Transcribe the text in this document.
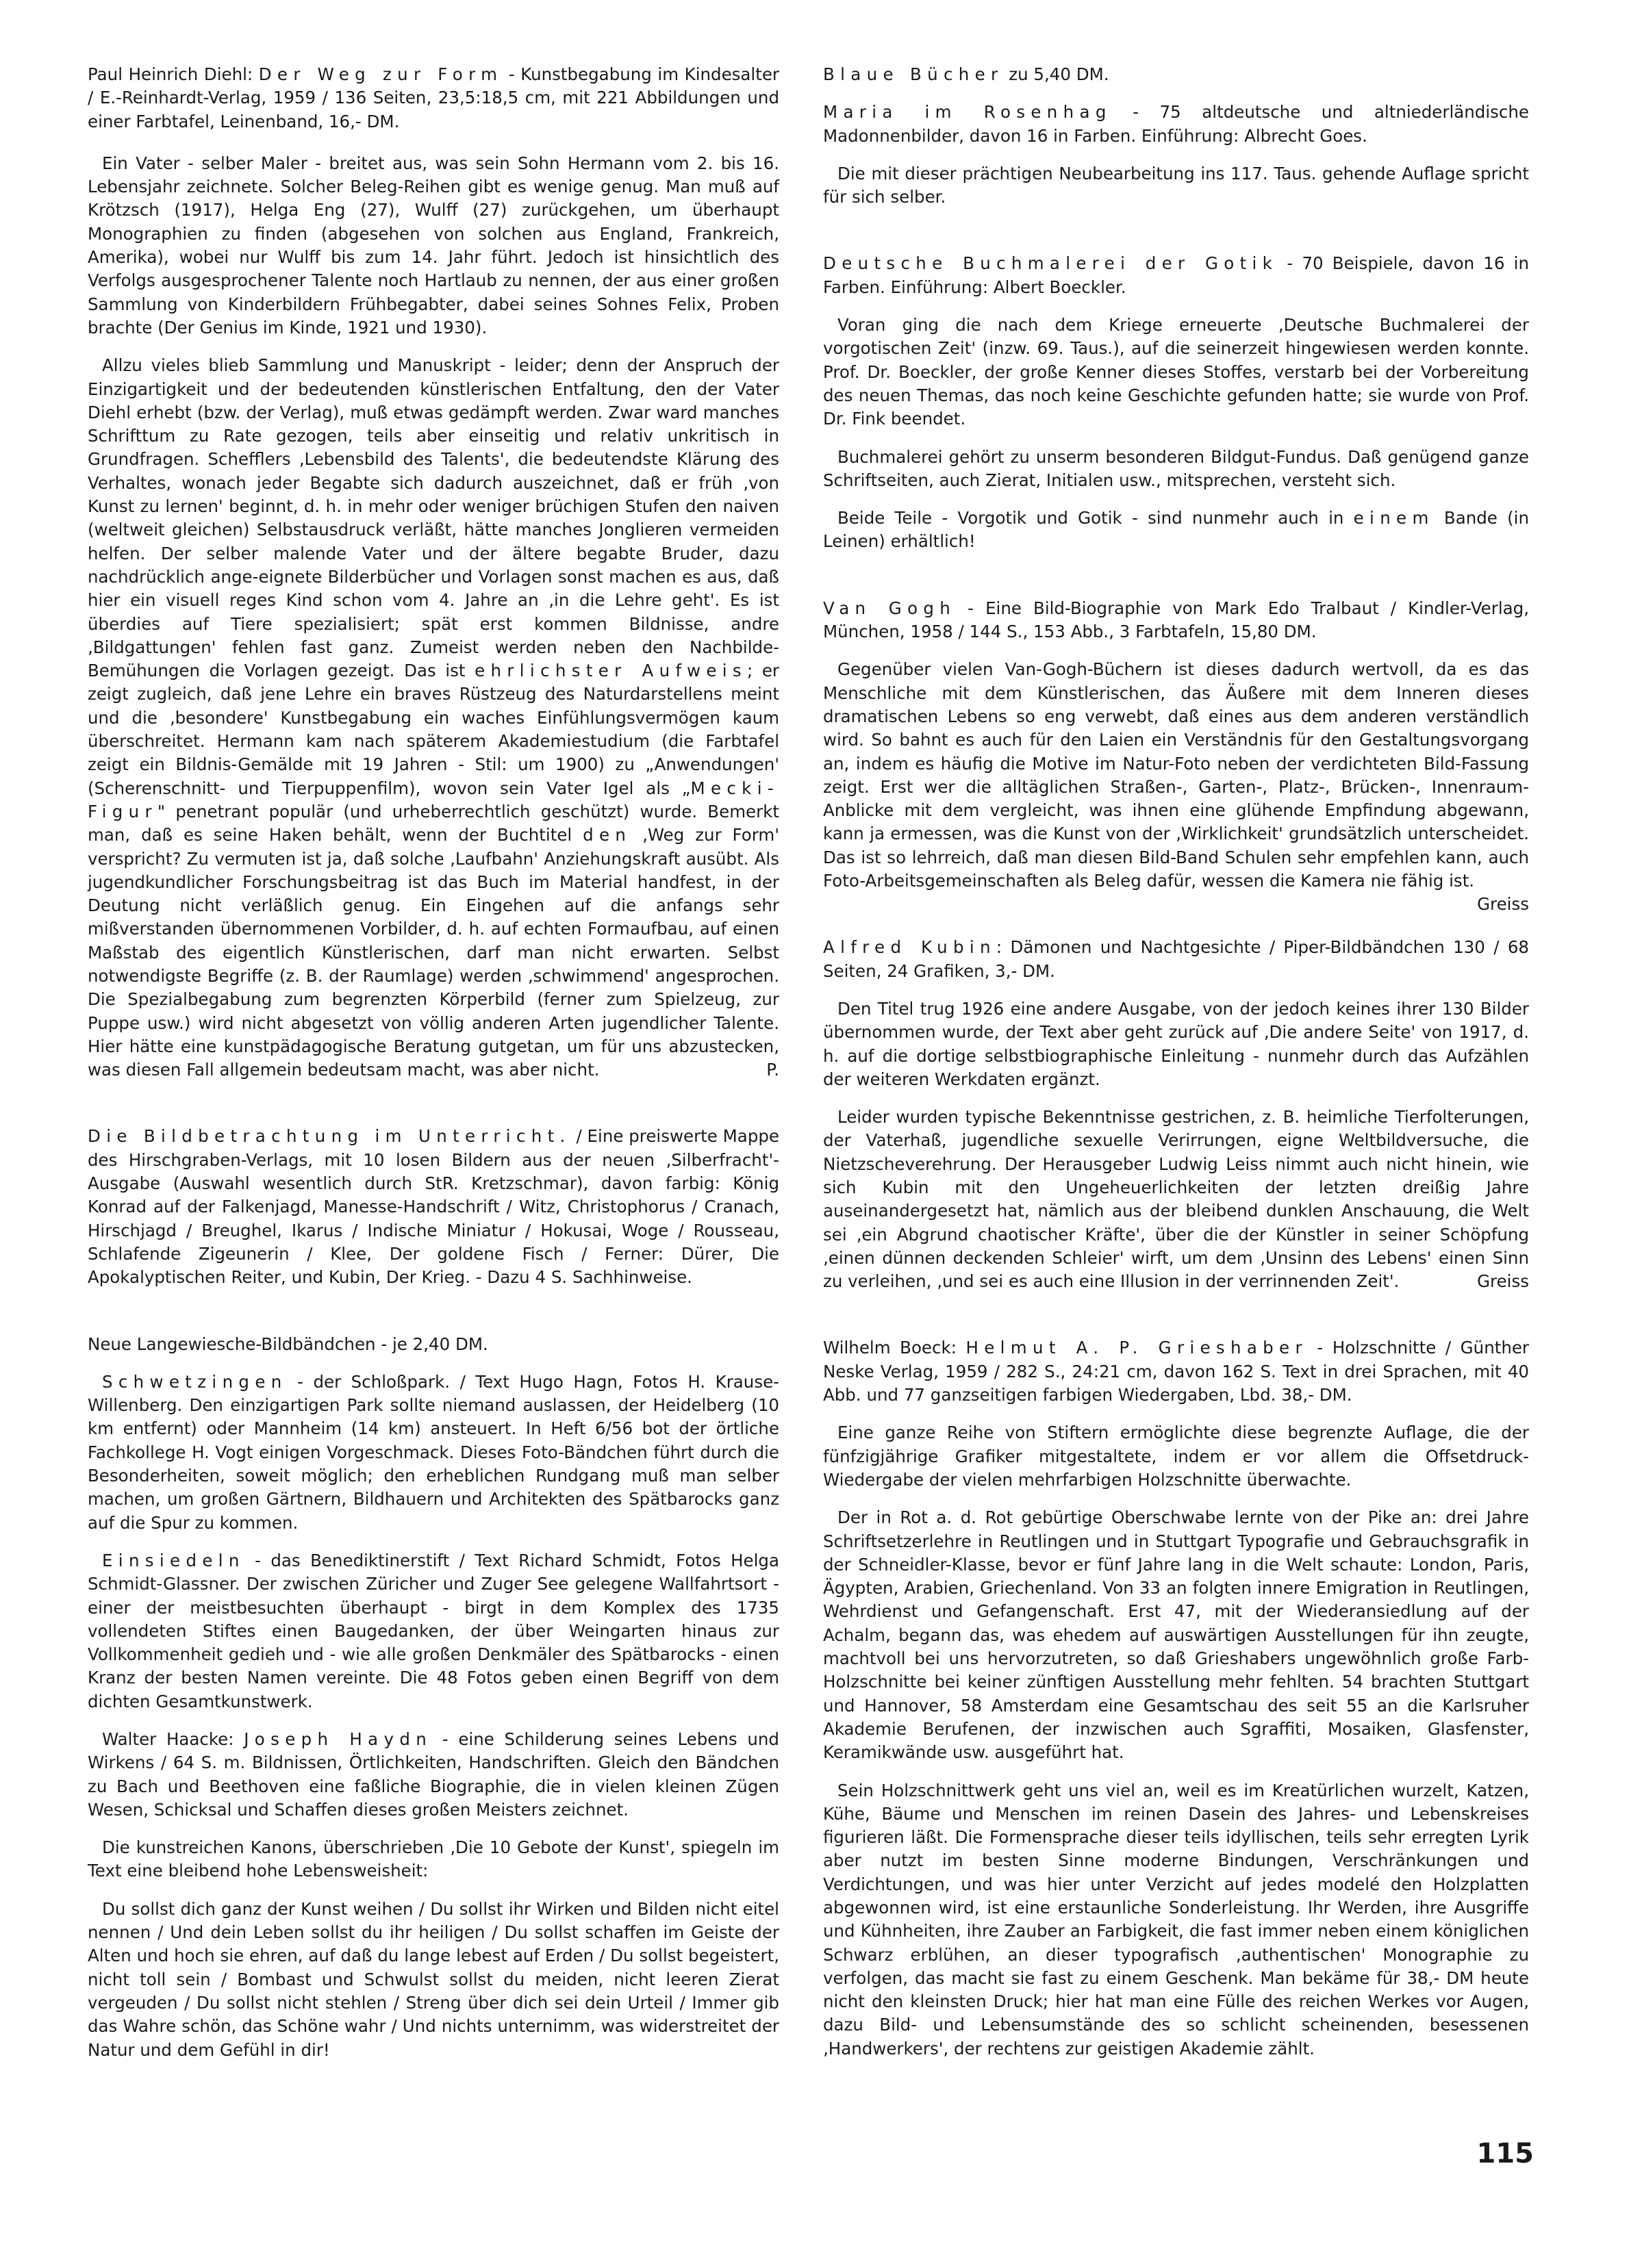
Paul Heinrich Diehl: Der Weg zur Form - Kunstbegabung im Kindesalter / E.-Reinhardt-Verlag, 1959 / 136 Seiten, 23,5:18,5 cm, mit 221 Abbildungen und einer Farbtafel, Leinenband, 16,- DM.

Ein Vater - selber Maler - breitet aus, was sein Sohn Hermann vom 2. bis 16. Lebensjahr zeichnete. Solcher Beleg-Reihen gibt es wenige genug. Man muß auf Krötzsch (1917), Helga Eng (27), Wulff (27) zurückgehen, um überhaupt Monographien zu finden (abgesehen von solchen aus England, Frankreich, Amerika), wobei nur Wulff bis zum 14. Jahr führt. Jedoch ist hinsichtlich des Verfolgs ausgesprochener Talente noch Hartlaub zu nennen, der aus einer großen Sammlung von Kinderbildern Frühbegabter, dabei seines Sohnes Felix, Proben brachte (Der Genius im Kinde, 1921 und 1930).

Allzu vieles blieb Sammlung und Manuskript - leider; denn der Anspruch der Einzigartigkeit und der bedeutenden künstlerischen Entfaltung, den der Vater Diehl erhebt (bzw. der Verlag), muß etwas gedämpft werden. Zwar ward manches Schrifttum zu Rate gezogen, teils aber einseitig und relativ unkritisch in Grundfragen. Schefflers ‚Lebensbild des Talents', die bedeutendste Klärung des Verhaltes, wonach jeder Begabte sich dadurch auszeichnet, daß er früh ‚von Kunst zu lernen' beginnt, d. h. in mehr oder weniger brüchigen Stufen den naiven (weltweit gleichen) Selbstausdruck verläßt, hätte manches Jonglieren vermeiden helfen. Der selber malende Vater und der ältere begabte Bruder, dazu nachdrücklich ange-eignete Bilderbücher und Vorlagen sonst machen es aus, daß hier ein visuell reges Kind schon vom 4. Jahre an ‚in die Lehre geht'. Es ist überdies auf Tiere spezialisiert; spät erst kommen Bildnisse, andre ‚Bildgattungen' fehlen fast ganz. Zumeist werden neben den Nachbilde-Bemühungen die Vorlagen gezeigt. Das ist ehrlichster Aufweis; er zeigt zugleich, daß jene Lehre ein braves Rüstzeug des Naturdarstellens meint und die ‚besondere' Kunstbegabung ein waches Einfühlungsvermögen kaum überschreitet. Hermann kam nach späterem Akademiestudium (die Farbtafel zeigt ein Bildnis-Gemälde mit 19 Jahren - Stil: um 1900) zu „Anwendungen' (Scherenschnitt- und Tierpuppenfilm), wovon sein Vater Igel als „Mecki-Figur" penetrant populär (und urheberrechtlich geschützt) wurde. Bemerkt man, daß es seine Haken behält, wenn der Buchtitel den ‚Weg zur Form' verspricht? Zu vermuten ist ja, daß solche ‚Laufbahn' Anziehungskraft ausübt. Als jugendkundlicher Forschungsbeitrag ist das Buch im Material handfest, in der Deutung nicht verläßlich genug. Ein Eingehen auf die anfangs sehr mißverstanden übernommenen Vorbilder, d. h. auf echten Formaufbau, auf einen Maßstab des eigentlich Künstlerischen, darf man nicht erwarten. Selbst notwendigste Begriffe (z. B. der Raumlage) werden ‚schwimmend' angesprochen. Die Spezialbegabung zum begrenzten Körperbild (ferner zum Spielzeug, zur Puppe usw.) wird nicht abgesetzt von völlig anderen Arten jugendlicher Talente. Hier hätte eine kunstpädagogische Beratung gutgetan, um für uns abzustecken, was diesen Fall allgemein bedeutsam macht, was aber nicht.	P.

Die Bildbetrachtung im Unterricht. / Eine preiswerte Mappe des Hirschgraben-Verlags, mit 10 losen Bildern aus der neuen ‚Silberfracht'-Ausgabe (Auswahl wesentlich durch StR. Kretzschmar), davon farbig: König Konrad auf der Falkenjagd, Manesse-Handschrift / Witz, Christophorus / Cranach, Hirschjagd / Breughel, Ikarus / Indische Miniatur / Hokusai, Woge / Rousseau, Schlafende Zigeunerin / Klee, Der goldene Fisch / Ferner: Dürer, Die Apokalyptischen Reiter, und Kubin, Der Krieg. - Dazu 4 S. Sachhinweise.

Neue Langewiesche-Bildbändchen - je 2,40 DM.

Schwetzingen - der Schloßpark. / Text Hugo Hagn, Fotos H. Krause-Willenberg. Den einzigartigen Park sollte niemand auslassen, der Heidelberg (10 km entfernt) oder Mannheim (14 km) ansteuert. In Heft 6/56 bot der örtliche Fachkollege H. Vogt einigen Vorgeschmack. Dieses Foto-Bändchen führt durch die Besonderheiten, soweit möglich; den erheblichen Rundgang muß man selber machen, um großen Gärtnern, Bildhauern und Architekten des Spätbarocks ganz auf die Spur zu kommen.

Einsiedeln - das Benediktinerstift / Text Richard Schmidt, Fotos Helga Schmidt-Glassner. Der zwischen Züricher und Zuger See gelegene Wallfahrtsort - einer der meistbesuchten überhaupt - birgt in dem Komplex des 1735 vollendeten Stiftes einen Baugedanken, der über Weingarten hinaus zur Vollkommenheit gedieh und - wie alle großen Denkmäler des Spätbarocks - einen Kranz der besten Namen vereinte. Die 48 Fotos geben einen Begriff von dem dichten Gesamtkunstwerk.

Walter Haacke: Joseph Haydn - eine Schilderung seines Lebens und Wirkens / 64 S. m. Bildnissen, Örtlichkeiten, Handschriften. Gleich den Bändchen zu Bach und Beethoven eine faßliche Biographie, die in vielen kleinen Zügen Wesen, Schicksal und Schaffen dieses großen Meisters zeichnet.

Die kunstreichen Kanons, überschrieben ‚Die 10 Gebote der Kunst', spiegeln im Text eine bleibend hohe Lebensweisheit:

Du sollst dich ganz der Kunst weihen / Du sollst ihr Wirken und Bilden nicht eitel nennen / Und dein Leben sollst du ihr heiligen / Du sollst schaffen im Geiste der Alten und hoch sie ehren, auf daß du lange lebest auf Erden / Du sollst begeistert, nicht toll sein / Bombast und Schwulst sollst du meiden, nicht leeren Zierat vergeuden / Du sollst nicht stehlen / Streng über dich sei dein Urteil / Immer gib das Wahre schön, das Schöne wahr / Und nichts unternimm, was widerstreitet der Natur und dem Gefühl in dir!

Blaue Bücher zu 5,40 DM.

Maria im Rosenhag - 75 altdeutsche und altniederländische Madonnenbilder, davon 16 in Farben. Einführung: Albrecht Goes.

Die mit dieser prächtigen Neubearbeitung ins 117. Taus. gehende Auflage spricht für sich selber.

Deutsche Buchmalerei der Gotik - 70 Beispiele, davon 16 in Farben. Einführung: Albert Boeckler.

Voran ging die nach dem Kriege erneuerte ‚Deutsche Buchmalerei der vorgotischen Zeit' (inzw. 69. Taus.), auf die seinerzeit hingewiesen werden konnte. Prof. Dr. Boeckler, der große Kenner dieses Stoffes, verstarb bei der Vorbereitung des neuen Themas, das noch keine Geschichte gefunden hatte; sie wurde von Prof. Dr. Fink beendet.

Buchmalerei gehört zu unserm besonderen Bildgut-Fundus. Daß genügend ganze Schriftseiten, auch Zierat, Initialen usw., mitsprechen, versteht sich.

Beide Teile - Vorgotik und Gotik - sind nunmehr auch in einem Bande (in Leinen) erhältlich!

Van Gogh - Eine Bild-Biographie von Mark Edo Tralbaut / Kindler-Verlag, München, 1958 / 144 S., 153 Abb., 3 Farbtafeln, 15,80 DM.

Gegenüber vielen Van-Gogh-Büchern ist dieses dadurch wertvoll, da es das Menschliche mit dem Künstlerischen, das Äußere mit dem Inneren dieses dramatischen Lebens so eng verwebt, daß eines aus dem anderen verständlich wird. So bahnt es auch für den Laien ein Verständnis für den Gestaltungsvorgang an, indem es häufig die Motive im Natur-Foto neben der verdichteten Bild-Fassung zeigt. Erst wer die alltäglichen Straßen-, Garten-, Platz-, Brücken-, Innenraum-Anblicke mit dem vergleicht, was ihnen eine glühende Empfindung abgewann, kann ja ermessen, was die Kunst von der ‚Wirklichkeit' grundsätzlich unterscheidet. Das ist so lehrreich, daß man diesen Bild-Band Schulen sehr empfehlen kann, auch Foto-Arbeitsgemeinschaften als Beleg dafür, wessen die Kamera nie fähig ist.
Greiss

Alfred Kubin: Dämonen und Nachtgesichte / Piper-Bildbändchen 130 / 68 Seiten, 24 Grafiken, 3,- DM.

Den Titel trug 1926 eine andere Ausgabe, von der jedoch keines ihrer 130 Bilder übernommen wurde, der Text aber geht zurück auf ‚Die andere Seite' von 1917, d. h. auf die dortige selbstbiographische Einleitung - nunmehr durch das Aufzählen der weiteren Werkdaten ergänzt.

Leider wurden typische Bekenntnisse gestrichen, z. B. heimliche Tierfolterungen, der Vaterhaß, jugendliche sexuelle Verirrungen, eigne Weltbildversuche, die Nietzscheverehrung. Der Herausgeber Ludwig Leiss nimmt auch nicht hinein, wie sich Kubin mit den Ungeheuerlichkeiten der letzten dreißig Jahre auseinandergesetzt hat, nämlich aus der bleibend dunklen Anschauung, die Welt sei ‚ein Abgrund chaotischer Kräfte', über die der Künstler in seiner Schöpfung ‚einen dünnen deckenden Schleier' wirft, um dem ‚Unsinn des Lebens' einen Sinn zu verleihen, ‚und sei es auch eine Illusion in der verrinnenden Zeit'.	Greiss

Wilhelm Boeck: Helmut A. P. Grieshaber - Holzschnitte / Günther Neske Verlag, 1959 / 282 S., 24:21 cm, davon 162 S. Text in drei Sprachen, mit 40 Abb. und 77 ganzseitigen farbigen Wiedergaben, Lbd. 38,- DM.

Eine ganze Reihe von Stiftern ermöglichte diese begrenzte Auflage, die der fünfzigjährige Grafiker mitgestaltete, indem er vor allem die Offsetdruck-Wiedergabe der vielen mehrfarbigen Holzschnitte überwachte.

Der in Rot a. d. Rot gebürtige Oberschwabe lernte von der Pike an: drei Jahre Schriftsetzerlehre in Reutlingen und in Stuttgart Typografie und Gebrauchsgrafik in der Schneidler-Klasse, bevor er fünf Jahre lang in die Welt schaute: London, Paris, Ägypten, Arabien, Griechenland. Von 33 an folgten innere Emigration in Reutlingen, Wehrdienst und Gefangenschaft. Erst 47, mit der Wiederansiedlung auf der Achalm, begann das, was ehedem auf auswärtigen Ausstellungen für ihn zeugte, machtvoll bei uns hervorzutreten, so daß Grieshabers ungewöhnlich große Farb-Holzschnitte bei keiner zünftigen Ausstellung mehr fehlten. 54 brachten Stuttgart und Hannover, 58 Amsterdam eine Gesamtschau des seit 55 an die Karlsruher Akademie Berufenen, der inzwischen auch Sgraffiti, Mosaiken, Glasfenster, Keramikwände usw. ausgeführt hat.

Sein Holzschnittwerk geht uns viel an, weil es im Kreatürlichen wurzelt, Katzen, Kühe, Bäume und Menschen im reinen Dasein des Jahres- und Lebenskreises figurieren läßt. Die Formensprache dieser teils idyllischen, teils sehr erregten Lyrik aber nutzt im besten Sinne moderne Bindungen, Verschränkungen und Verdichtungen, und was hier unter Verzicht auf jedes modelé den Holzplatten abgewonnen wird, ist eine erstaunliche Sonderleistung. Ihr Werden, ihre Ausgriffe und Kühnheiten, ihre Zauber an Farbigkeit, die fast immer neben einem königlichen Schwarz erblühen, an dieser typografisch ‚authentischen' Monographie zu verfolgen, das macht sie fast zu einem Geschenk. Man bekäme für 38,- DM heute nicht den kleinsten Druck; hier hat man eine Fülle des reichen Werkes vor Augen, dazu Bild- und Lebensumstände des so schlicht scheinenden, besessenen ‚Handwerkers', der rechtens zur geistigen Akademie zählt.

115
